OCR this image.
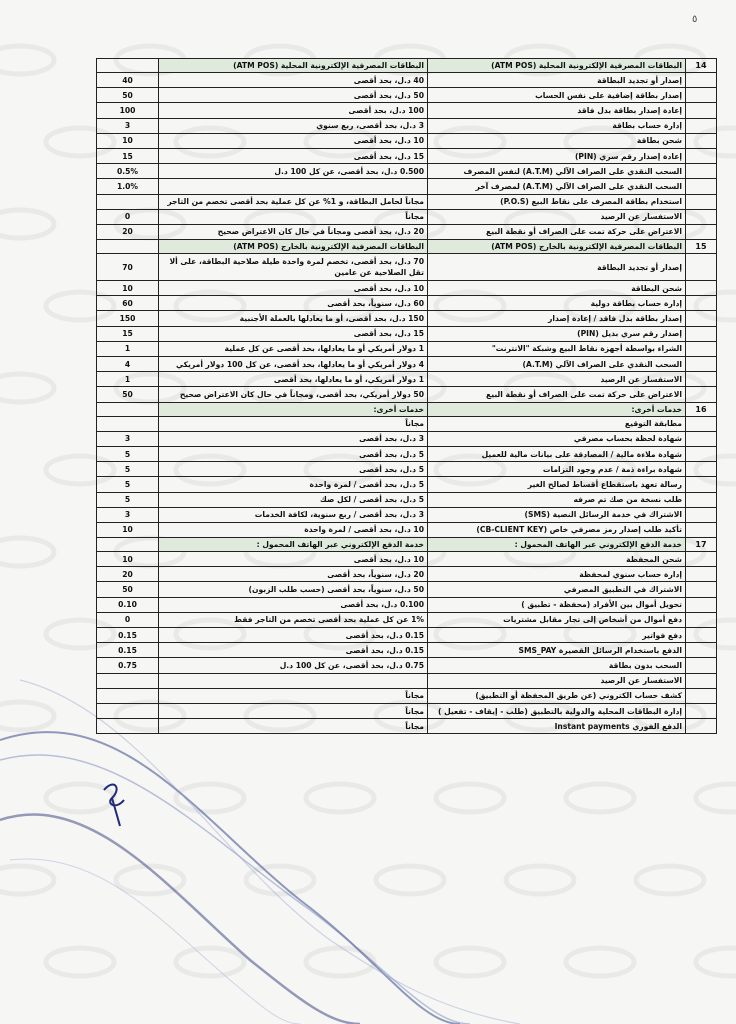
٥
14	البطاقات المصرفية الإلكترونية المحلية (ATM POS)	البطاقات المصرفية الإلكترونية المحلية (ATM POS)	
	إصدار أو تجديد البطاقة	40 د.ل، بحد أقصى	40
	إصدار بطاقة إضافية على نفس الحساب	50 د.ل، بحد أقصى	50
	إعادة إصدار بطاقة بدل فاقد	100 د.ل، بحد أقصى	100
	إدارة حساب بطاقة	3 د.ل، بحد أقصى، ربع سنوي	3
	شحن بطاقة	10 د.ل، بحد أقصى	10
	إعادة إصدار رقم سري (PIN)	15 د.ل، بحد أقصى	15
	السحب النقدي على الصراف الآلي (A.T.M) لنفس المصرف	0.500 د.ل، بحد أقصى، عن كل 100 د.ل	0.5%
	السحب النقدي على الصراف الآلي (A.T.M) لمصرف آخر		1.0%
	استخدام بطاقة المصرف على نقاط البيع (P.O.S)	مجاناً لحامل البطاقة، و 1% عن كل عملية بحد أقصى تخصم من التاجر	
	الاستفسار عن الرصيد	مجاناً	0
	الاعتراض على حركة تمت على الصراف أو نقطة البيع	20 د.ل، بحد أقصى ومجاناً في حال كان الاعتراض صحيح	20
15	البطاقات المصرفية الإلكترونية بالخارج (ATM POS)	البطاقات المصرفية الإلكترونية بالخارج (ATM POS)	
	إصدار أو تجديد البطاقة	70 د.ل، بحد أقصى، تخصم لمرة واحدة طيلة صلاحية البطاقة، على ألا تقل الصلاحية عن عامين	70
	شحن البطاقة	10 د.ل، بحد أقصى	10
	إدارة حساب بطاقة دولية	60 د.ل، سنوياً، بحد أقصى	60
	إصدار بطاقة بدل فاقد / إعادة إصدار	150 د.ل، بحد أقصى، أو ما يعادلها بالعملة الأجنبية	150
	إصدار رقم سري بديل (PIN)	15 د.ل، بحد أقصى	15
	الشراء بواسطة أجهزة نقاط البيع وشبكة "الانترنت"	1 دولار أمريكي أو ما يعادلها، بحد أقصى عن كل عملية	1
	السحب النقدي على الصراف الآلي (A.T.M)	4 دولار أمريكي أو ما يعادلها، بحد أقصى، عن كل 100 دولار أمريكي	4
	الاستفسار عن الرصيد	1 دولار أمريكي، أو ما يعادلها، بحد أقصى	1
	الاعتراض على حركة تمت على الصراف أو نقطة البيع	50 دولار أمريكي، بحد أقصى، ومجاناً في حال كان الاعتراض صحيح	50
16	خدمات أخرى:	خدمات أخرى:	
	مطابقة التوقيع	مجاناً	
	شهادة لحظة بحساب مصرفي	3 د.ل، بحد أقصى	3
	شهادة ملاءة مالية / المصادقة على بيانات مالية للعميل	5 د.ل، بحد أقصى	5
	شهادة براءة ذمة / عدم وجود التزامات	5 د.ل، بحد أقصى	5
	رسالة تعهد باستقطاع أقساط لصالح الغير	5 د.ل، بحد أقصى / لمرة واحدة	5
	طلب نسخة من صك تم صرفه	5 د.ل، بحد أقصى / لكل صك	5
	الاشتراك في خدمة الرسائل النصية (SMS)	3 د.ل، بحد أقصى / ربع سنوية، لكافة الخدمات	3
	تأكيد طلب إصدار رمز مصرفي خاص (CB-CLIENT KEY)	10 د.ل، بحد أقصى / لمرة واحدة	10
17	خدمة الدفع الإلكتروني عبر الهاتف المحمول :	خدمة الدفع الإلكتروني عبر الهاتف المحمول :	
	شحن المحفظة	10 د.ل، بحد أقصى	10
	إدارة حساب سنوي لمحفظة	20 د.ل، سنوياً، بحد أقصى	20
	الاشتراك في التطبيق المصرفي	50 د.ل، سنوياً، بحد أقصى (حسب طلب الزبون)	50
	تحويل أموال بين الأفراد (محفظة - تطبيق )	0.100 د.ل، بحد أقصى	0.10
	دفع أموال من أشخاص إلى تجار مقابل مشتريات	1% عن كل عملية بحد أقصى تخصم من التاجر فقط	0
	دفع فواتير	0.15 د.ل، بحد أقصى	0.15
	الدفع باستخدام الرسائل القصيرة SMS_PAY	0.15 د.ل، بحد أقصى	0.15
	السحب بدون بطاقة	0.75 د.ل، بحد أقصى، عن كل 100 د.ل	0.75
	الاستفسار عن الرصيد		
	كشف حساب الكتروني (عن طريق المحفظة أو التطبيق)	مجاناً	
	إدارة البطاقات المحلية والدولية بالتطبيق (طلب - إيقاف - تفعيل )	مجاناً	
	الدفع الفوري Instant payments	مجاناً	
